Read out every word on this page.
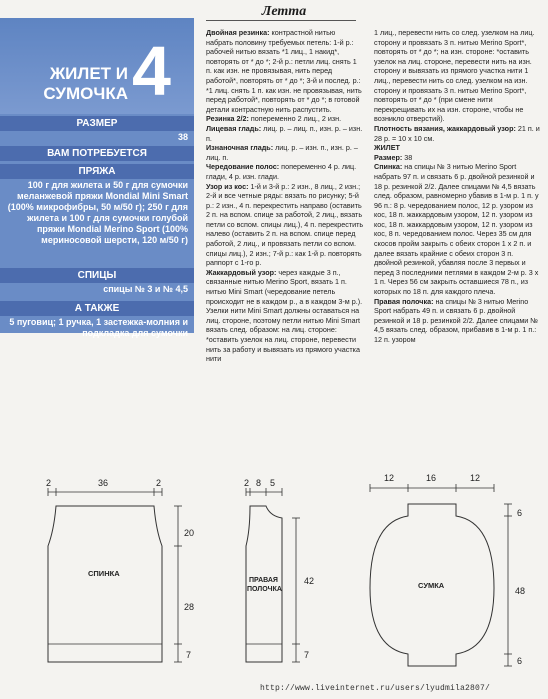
ЖИЛЕТ И
СУМОЧКА 4
РАЗМЕР
38
ВАМ ПОТРЕБУЕТСЯ
ПРЯЖА
100 г для жилета и 50 г для сумочки меланжевой пряжи Mondial Mini Smart (100% микрофибры, 50 м/50 г); 250 г для жилета и 100 г для сумочки голубой пряжи Mondial Merino Sport (100% мериносовой шерсти, 120 м/50 г)
СПИЦЫ
спицы № 3 и № 4,5
А ТАКЖЕ
5 пуговиц; 1 ручка, 1 застежка-молния и подкладка для сумочки
Летта

Двойная резинка: контрастной нитью набрать половину требуемых петель: 1-й р.: рабочей нитью вязать *1 лиц., 1 накид*, повторять от * до *; 2-й р.: петли лиц. снять 1 п. как изн. не провязывая, нить перед работой*, повторять от * до *; 3-й и послед. р.: *1 лиц. снять 1 п. как изн. не провязывая, нить перед работой*, повторять от * до *; в готовой детали контрастную нить распустить.

Резинка 2/2: попеременно 2 лиц., 2 изн.

Лицевая гладь: лиц. р. – лиц. п., изн. р. – изн. п.

Изнаночная гладь: лиц. р. – изн. п., изн. р. – лиц. п.

Чередование полос: попеременно 4 р. лиц. глади, 4 р. изн. глади.

Узор из кос: 1-й и 3-й р.: 2 изн., 8 лиц., 2 изн.; 2-й и все четные ряды: вязать по рисунку; 5-й р.: 2 изн., 4 п. перекрестить направо (оставить 2 п. на вспом. спице за работой, 2 лиц., вязать петли со вспом. спицы лиц.), 4 п. перекрестить налево (оставить 2 п. на вспом. спице перед работой, 2 лиц., и провязать петли со вспом. спицы лиц.), 2 изн.; 7-й р.: как 1-й р. повторять раппорт с 1-го р.

Жаккардовый узор: через каждые 3 п., связанные нитью Merino Sport, вязать 1 п. нитью Mini Smart (чередование петель происходит не в каждом р., а в каждом 3-м р.). Узелки нити Mini Smart должны оставаться на лиц. стороне, поэтому петли нитью Mini Smart вязать след. образом: на лиц. стороне: *оставить узелок на лиц. стороне, перевести нить за работу и вывязать из прямого участка нити

1 лиц., перевести нить со след. узелком на лиц. сторону и провязать 3 п. нитью Merino Sport*, повторять от * до *; на изн. стороне: *оставить узелок на лиц. стороне, перевести нить на изн. сторону и вывязать из прямого участка нити 1 лиц., перевести нить со след. узелком на изн. сторону и провязать 3 п. нитью Merino Sport*, повторять от * до * (при смене нити перекрещивать их на изн. стороне, чтобы не возникло отверстий).

Плотность вязания, жаккардовый узор: 21 п. и 28 р. = 10 х 10 см.

ЖИЛЕТ

Размер: 38

Спинка: на спицы № 3 нитью Merino Sport набрать 97 п. и связать 6 р. двойной резинкой и 18 р. резинкой 2/2. Далее спицами № 4,5 вязать след. образом, равномерно убавив в 1-м р. 1 п. у 96 п.: 8 р. чередованием полос, 12 р. узором из кос, 18 п. жаккардовым узором, 12 п. узором из кос, 18 п. жаккардовым узором, 12 п. узором из кос, 8 п. чередованием полос. Через 35 см для скосов пройм закрыть с обеих сторон 1 х 2 п. и далее вязать крайние с обеих сторон 3 п. двойной резинкой, убавляя после 3 первых и перед 3 последними петлями в каждом 2-м р. 3 х 1 п. Через 56 см закрыть оставшиеся 78 п., из которых по 18 п. для каждого плеча.

Правая полочка: на спицы № 3 нитью Merino Sport набрать 49 п. и связать 6 р. двойной резинкой и 18 р. резинкой 2/2. Далее спицами № 4,5 вязать след. образом, прибавив в 1-м р. 1 п.: 12 п. узором

2	36	2
СПИНКА
20
28
7
2 8 5
ПРАВАЯ
ПОЛОЧКА
42
7
12	16	12
СУМКА
6
48
6
http://www.liveinternet.ru/users/lyudmila2807/
